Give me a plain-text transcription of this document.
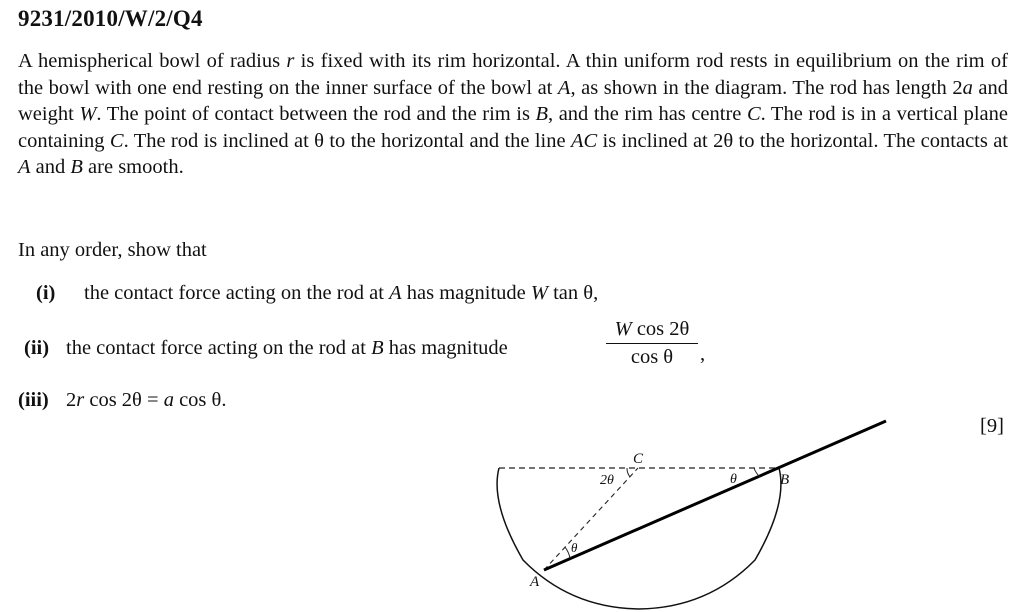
9231/2010/W/2/Q4
A hemispherical bowl of radius r is fixed with its rim horizontal. A thin uniform rod rests in equilibrium on the rim of the bowl with one end resting on the inner surface of the bowl at A, as shown in the diagram. The rod has length 2a and weight W. The point of contact between the rod and the rim is B, and the rim has centre C. The rod is in a vertical plane containing C. The rod is inclined at θ to the horizontal and the line AC is inclined at 2θ to the horizontal. The contacts at A and B are smooth.
In any order, show that
(i) the contact force acting on the rod at A has magnitude W tan θ,
(ii) the contact force acting on the rod at B has magnitude	$\frac{\text{W cos 2θ}}{\text{cos θ}}$ ,
(iii) 2r cos 2θ = a cos θ.
[9]
A
B
C
2θ	θ
θ
